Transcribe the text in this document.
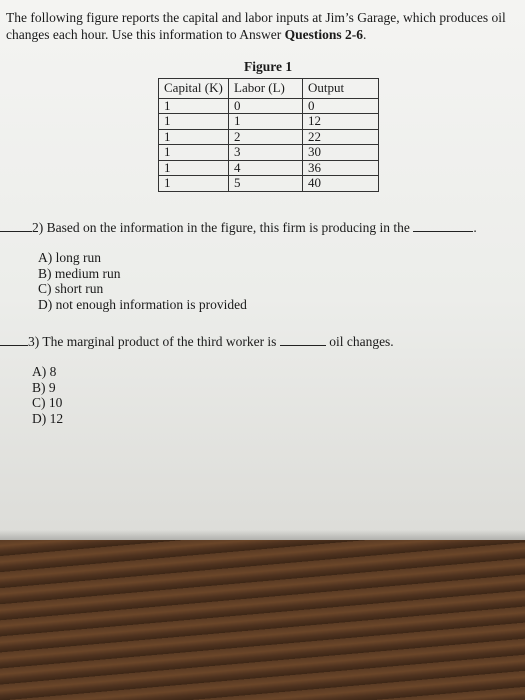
The following figure reports the capital and labor inputs at Jim’s Garage, which produces oil
changes each hour. Use this information to Answer Questions 2-6.
Figure 1
Capital (K)	Labor (L)	Output
1	0	0
1	1	12
1	2	22
1	3	30
1	4	36
1	5	40
2) Based on the information in the figure, this firm is producing in the	.
A) long run
B) medium run
C) short run
D) not enough information is provided
3) The marginal product of the third worker is	oil changes.
A) 8
B) 9
C) 10
D) 12
